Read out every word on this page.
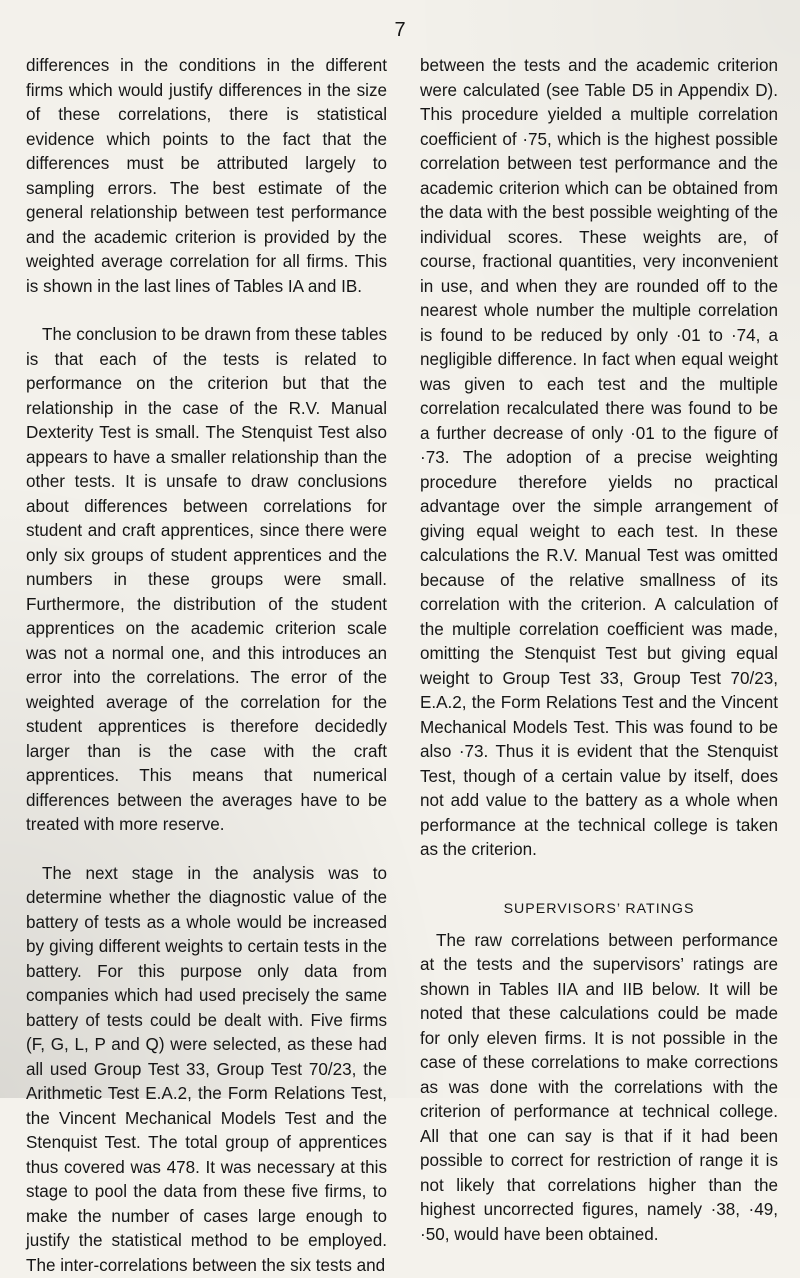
7

differences in the conditions in the different firms which would justify differences in the size of these correlations, there is statistical evidence which points to the fact that the differences must be attributed largely to sampling errors. The best estimate of the general relationship between test performance and the academic criterion is provided by the weighted average correlation for all firms. This is shown in the last lines of Tables IA and IB.

The conclusion to be drawn from these tables is that each of the tests is related to performance on the criterion but that the relationship in the case of the R.V. Manual Dexterity Test is small. The Stenquist Test also appears to have a smaller relationship than the other tests. It is unsafe to draw conclusions about differences between correlations for student and craft apprentices, since there were only six groups of student apprentices and the numbers in these groups were small. Furthermore, the distribution of the student apprentices on the academic criterion scale was not a normal one, and this introduces an error into the correlations. The error of the weighted average of the correlation for the student apprentices is therefore decidedly larger than is the case with the craft apprentices. This means that numerical differences between the averages have to be treated with more reserve.

The next stage in the analysis was to determine whether the diagnostic value of the battery of tests as a whole would be increased by giving different weights to certain tests in the battery. For this purpose only data from companies which had used precisely the same battery of tests could be dealt with. Five firms (F, G, L, P and Q) were selected, as these had all used Group Test 33, Group Test 70/23, the Arithmetic Test E.A.2, the Form Relations Test, the Vincent Mechanical Models Test and the Stenquist Test. The total group of apprentices thus covered was 478. It was necessary at this stage to pool the data from these five firms, to make the number of cases large enough to justify the statistical method to be employed. The inter-correlations between the six tests and

between the tests and the academic criterion were calculated (see Table D5 in Appendix D). This procedure yielded a multiple correlation coefficient of ·75, which is the highest possible correlation between test performance and the academic criterion which can be obtained from the data with the best possible weighting of the individual scores. These weights are, of course, fractional quantities, very inconvenient in use, and when they are rounded off to the nearest whole number the multiple correlation is found to be reduced by only ·01 to ·74, a negligible difference. In fact when equal weight was given to each test and the multiple correlation recalculated there was found to be a further decrease of only ·01 to the figure of ·73. The adoption of a precise weighting procedure therefore yields no practical advantage over the simple arrangement of giving equal weight to each test. In these calculations the R.V. Manual Test was omitted because of the relative smallness of its correlation with the criterion. A calculation of the multiple correlation coefficient was made, omitting the Stenquist Test but giving equal weight to Group Test 33, Group Test 70/23, E.A.2, the Form Relations Test and the Vincent Mechanical Models Test. This was found to be also ·73. Thus it is evident that the Stenquist Test, though of a certain value by itself, does not add value to the battery as a whole when performance at the technical college is taken as the criterion.

SUPERVISORS’ RATINGS

The raw correlations between performance at the tests and the supervisors’ ratings are shown in Tables IIA and IIB below. It will be noted that these calculations could be made for only eleven firms. It is not possible in the case of these correlations to make corrections as was done with the correlations with the criterion of performance at technical college. All that one can say is that if it had been possible to correct for restriction of range it is not likely that correlations higher than the highest uncorrected figures, namely ·38, ·49, ·50, would have been obtained.
